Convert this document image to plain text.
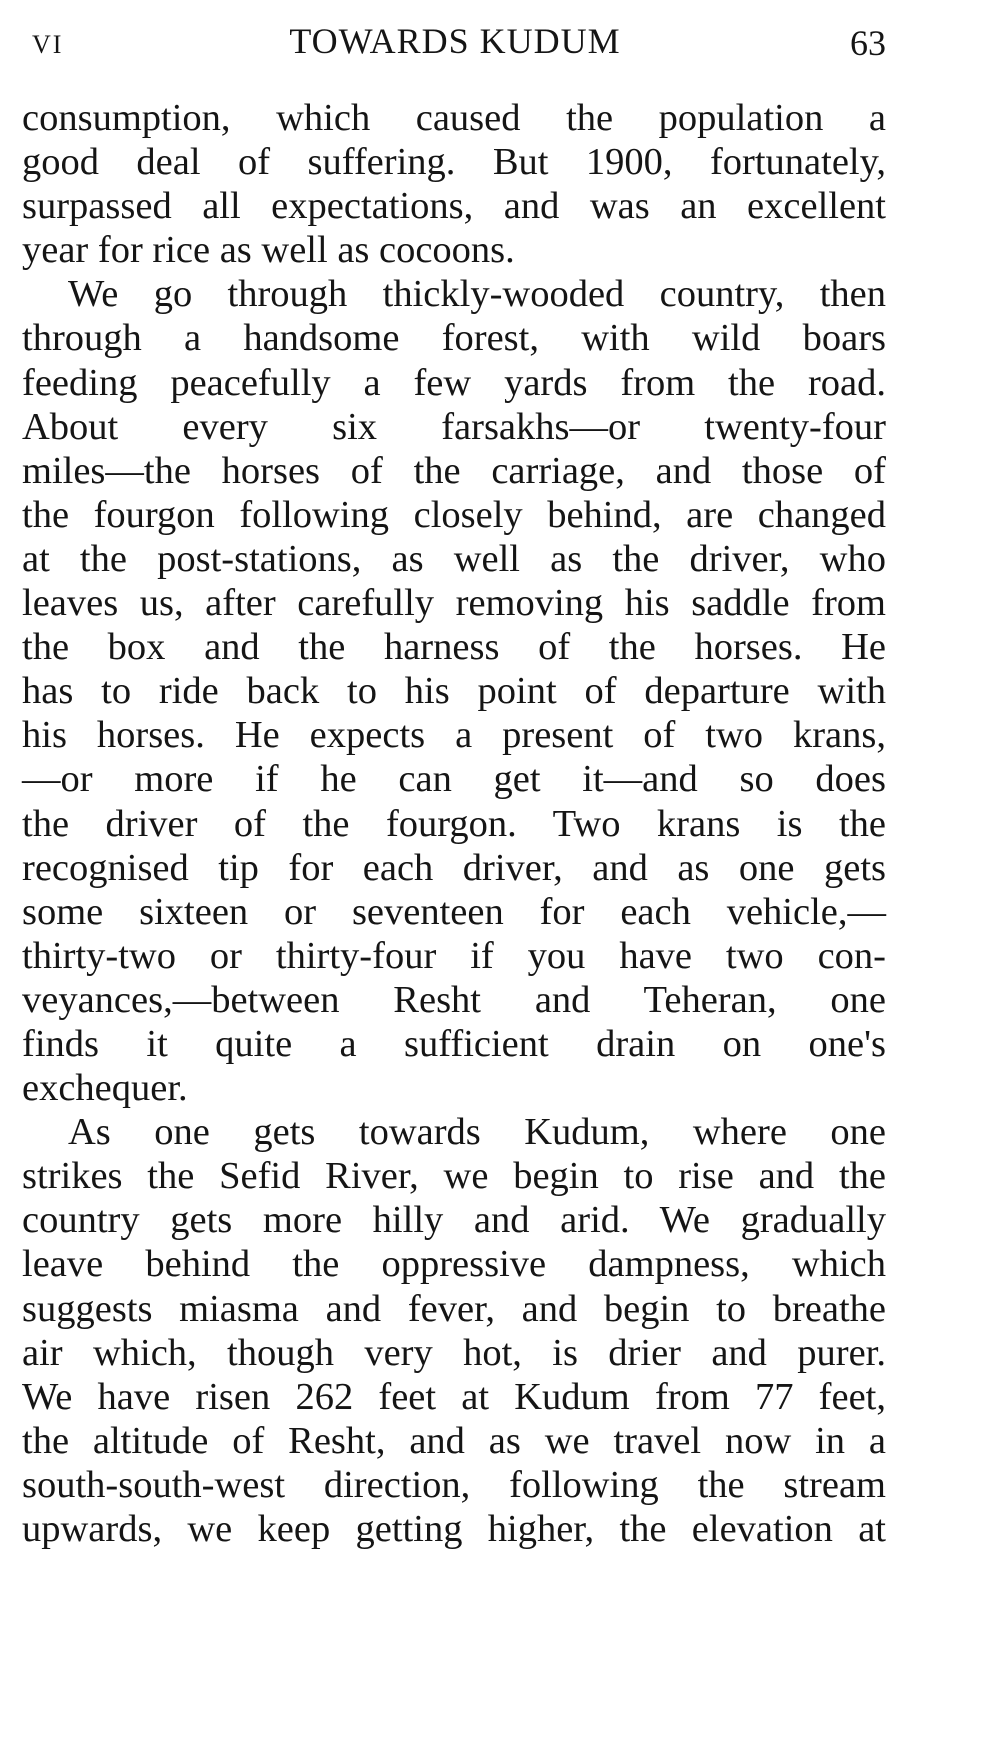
VI	TOWARDS KUDUM	63
consumption, which caused the population a
good deal of suffering. But 1900, fortunately,
surpassed all expectations, and was an excellent
year for rice as well as cocoons.
We go through thickly-wooded country, then
through a handsome forest, with wild boars
feeding peacefully a few yards from the road.
About every six farsakhs—or twenty-four
miles—the horses of the carriage, and those of
the fourgon following closely behind, are changed
at the post-stations, as well as the driver, who
leaves us, after carefully removing his saddle from
the box and the harness of the horses. He
has to ride back to his point of departure with
his horses. He expects a present of two krans,
—or more if he can get it—and so does
the driver of the fourgon. Two krans is the
recognised tip for each driver, and as one gets
some sixteen or seventeen for each vehicle,—
thirty-two or thirty-four if you have two con-
veyances,—between Resht and Teheran, one
finds it quite a sufficient drain on one's
exchequer.
As one gets towards Kudum, where one
strikes the Sefid River, we begin to rise and the
country gets more hilly and arid. We gradually
leave behind the oppressive dampness, which
suggests miasma and fever, and begin to breathe
air which, though very hot, is drier and purer.
We have risen 262 feet at Kudum from 77 feet,
the altitude of Resht, and as we travel now in a
south-south-west direction, following the stream
upwards, we keep getting higher, the elevation at
